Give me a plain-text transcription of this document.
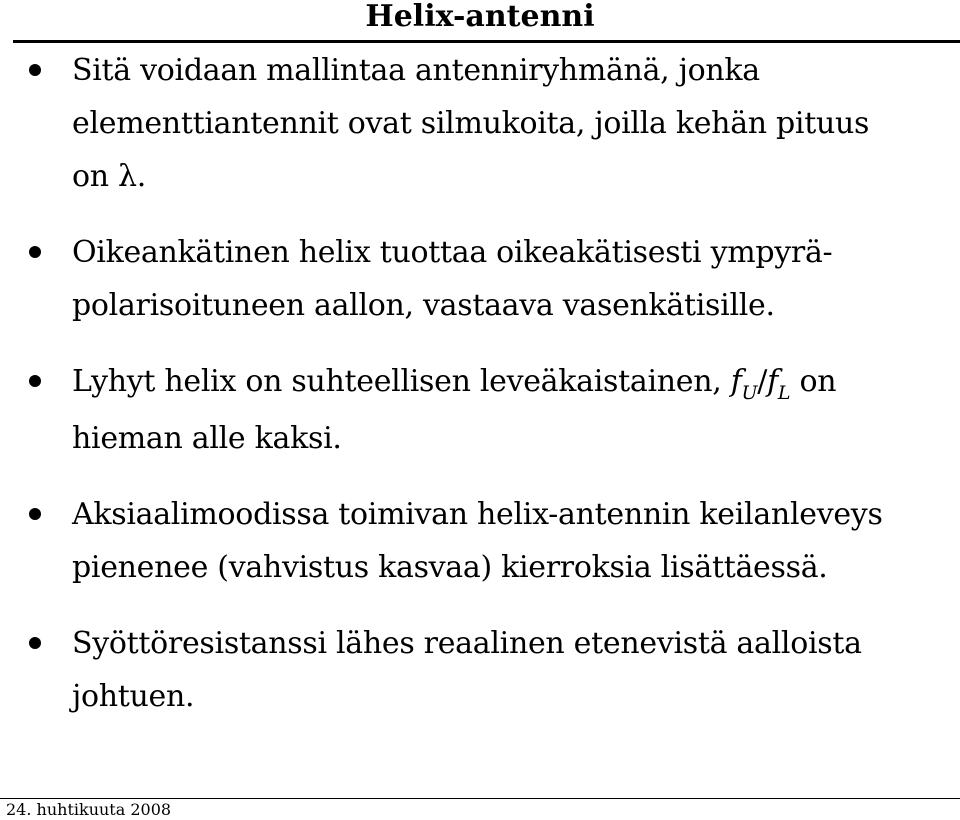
Helix-antenni
Sitä voidaan mallintaa antenniryhmänä, jonka
elementtiantennit ovat silmukoita, joilla kehän pituus
on λ.
Oikeankätinen helix tuottaa oikeakätisesti ympyrä-
polarisoituneen aallon, vastaava vasenkätisille.
Lyhyt helix on suhteellisen leveäkaistainen, $f_U/f_L$ on
hieman alle kaksi.
Aksiaalimoodissa toimivan helix-antennin keilanleveys
pienenee (vahvistus kasvaa) kierroksia lisättäessä.
Syöttöresistanssi lähes reaalinen etenevistä aalloista
johtuen.
24. huhtikuuta 2008
